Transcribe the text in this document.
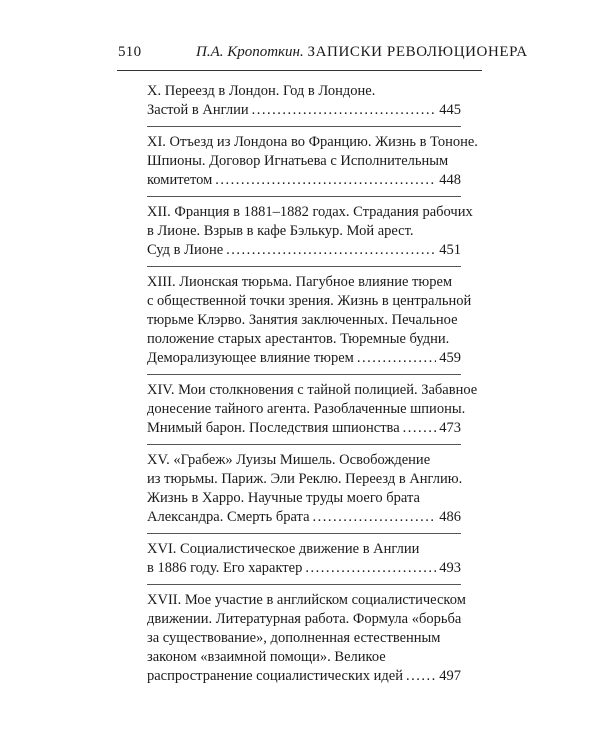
510	П.А. Кропоткин. ЗАПИСКИ РЕВОЛЮЦИОНЕРА
X. Переезд в Лондон. Год в Лондоне.
Застой в Англии .....	445
XI. Отъезд из Лондона во Францию. Жизнь в Тононе.
Шпионы. Договор Игнатьева с Исполнительным
комитетом .....	448
XII. Франция в 1881–1882 годах. Страдания рабочих
в Лионе. Взрыв в кафе Бэлькур. Мой арест.
Суд в Лионе .....	451
XIII. Лионская тюрьма. Пагубное влияние тюрем
с общественной точки зрения. Жизнь в центральной
тюрьме Клэрво. Занятия заключенных. Печальное
положение старых арестантов. Тюремные будни.
Деморализующее влияние тюрем .....	459
XIV. Мои столкновения с тайной полицией. Забавное
донесение тайного агента. Разоблаченные шпионы.
Мнимый барон. Последствия шпионства .....	473
XV. «Грабеж» Луизы Мишель. Освобождение
из тюрьмы. Париж. Эли Реклю. Переезд в Англию.
Жизнь в Харро. Научные труды моего брата
Александра. Смерть брата .....	486
XVI. Социалистическое движение в Англии
в 1886 году. Его характер .....	493
XVII. Мое участие в английском социалистическом
движении. Литературная работа. Формула «борьба
за существование», дополненная естественным
законом «взаимной помощи». Великое
распространение социалистических идей .....	497
